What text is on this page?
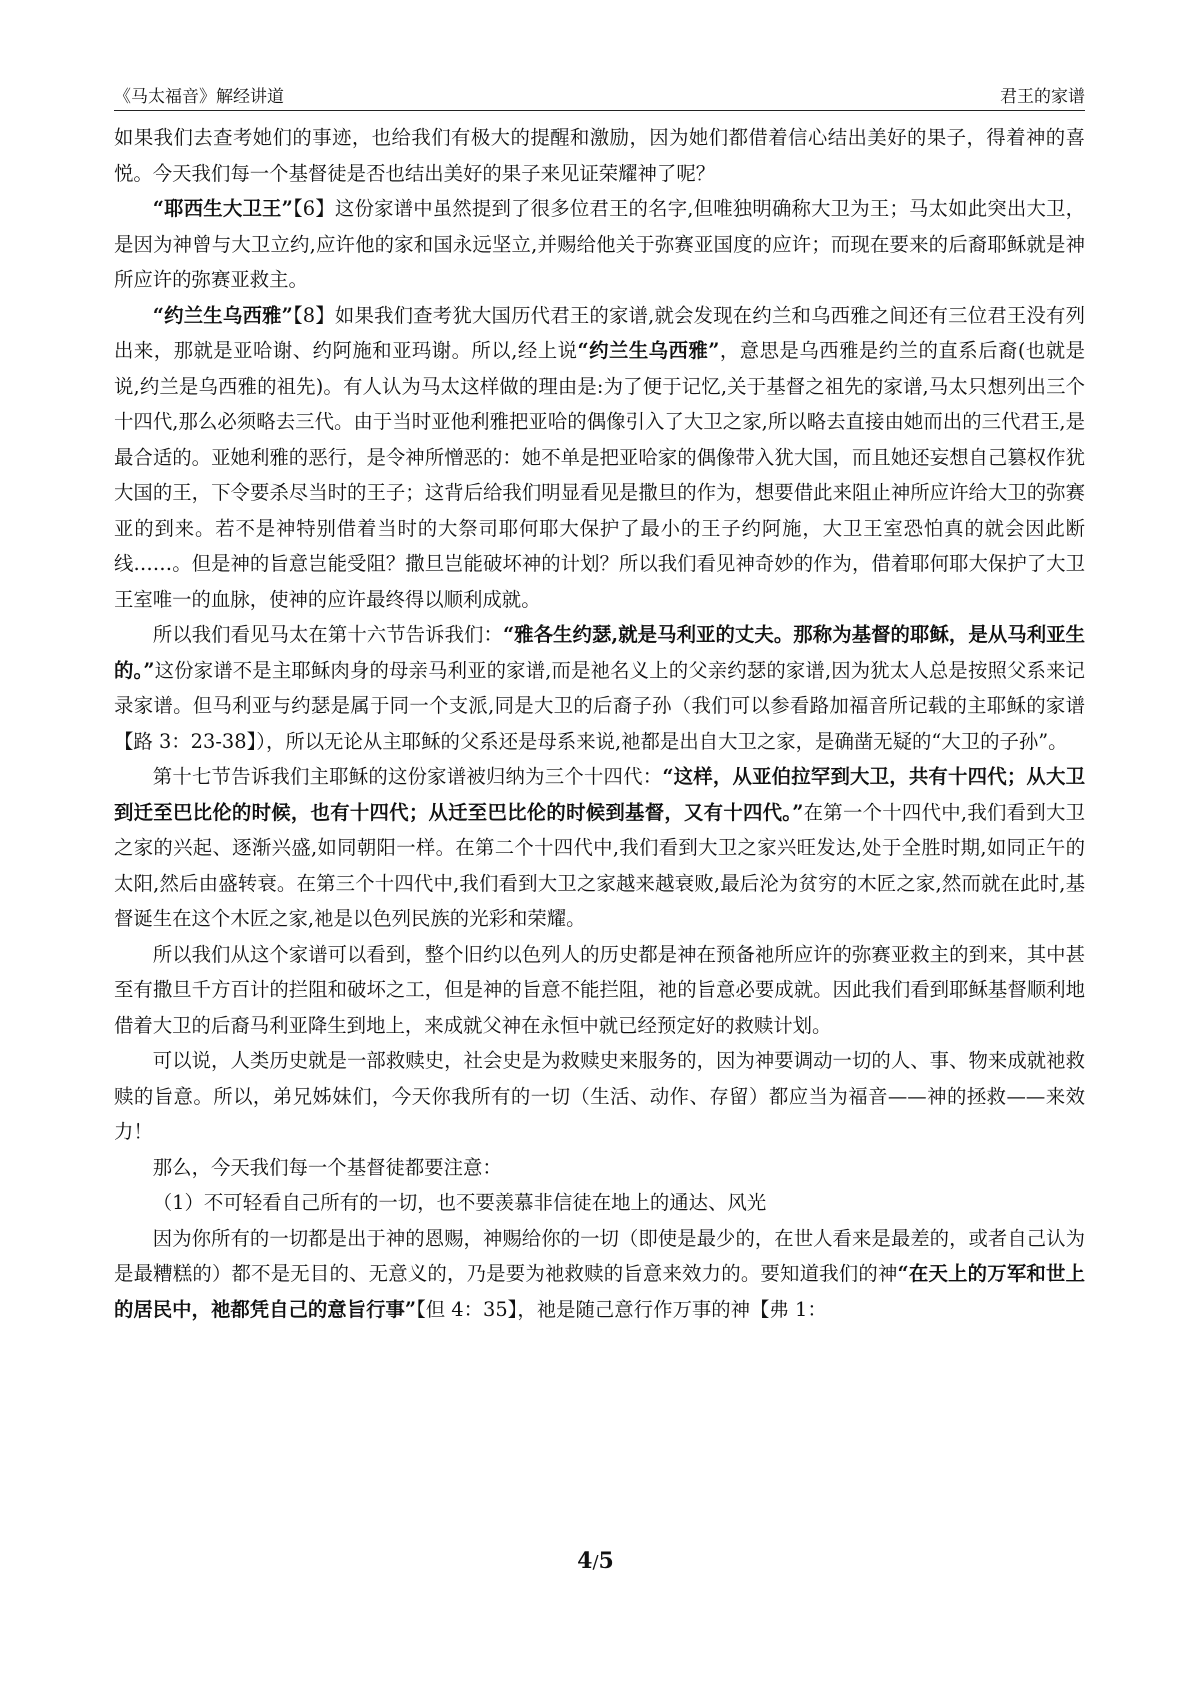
《马太福音》解经讲道	君王的家谱

如果我们去查考她们的事迹，也给我们有极大的提醒和激励，因为她们都借着信心结出美好的果子，得着神的喜悦。今天我们每一个基督徒是否也结出美好的果子来见证荣耀神了呢？

“耶西生大卫王”【6】这份家谱中虽然提到了很多位君王的名字,但唯独明确称大卫为王；马太如此突出大卫，是因为神曾与大卫立约,应许他的家和国永远坚立,并赐给他关于弥赛亚国度的应许；而现在要来的后裔耶稣就是神所应许的弥赛亚救主。

“约兰生乌西雅”【8】如果我们查考犹大国历代君王的家谱,就会发现在约兰和乌西雅之间还有三位君王没有列出来，那就是亚哈谢、约阿施和亚玛谢。所以,经上说“约兰生乌西雅”，意思是乌西雅是约兰的直系后裔(也就是说,约兰是乌西雅的祖先)。有人认为马太这样做的理由是:为了便于记忆,关于基督之祖先的家谱,马太只想列出三个十四代,那么必须略去三代。由于当时亚他利雅把亚哈的偶像引入了大卫之家,所以略去直接由她而出的三代君王,是最合适的。亚她利雅的恶行，是令神所憎恶的：她不单是把亚哈家的偶像带入犹大国，而且她还妄想自己篡权作犹大国的王，下令要杀尽当时的王子；这背后给我们明显看见是撒旦的作为，想要借此来阻止神所应许给大卫的弥赛亚的到来。若不是神特别借着当时的大祭司耶何耶大保护了最小的王子约阿施，大卫王室恐怕真的就会因此断线……。但是神的旨意岂能受阻？撒旦岂能破坏神的计划？所以我们看见神奇妙的作为，借着耶何耶大保护了大卫王室唯一的血脉，使神的应许最终得以顺利成就。

所以我们看见马太在第十六节告诉我们：“雅各生约瑟,就是马利亚的丈夫。那称为基督的耶稣，是从马利亚生的。”这份家谱不是主耶稣肉身的母亲马利亚的家谱,而是祂名义上的父亲约瑟的家谱,因为犹太人总是按照父系来记录家谱。但马利亚与约瑟是属于同一个支派,同是大卫的后裔子孙（我们可以参看路加福音所记载的主耶稣的家谱【路 3：23-38】），所以无论从主耶稣的父系还是母系来说,祂都是出自大卫之家，是确凿无疑的“大卫的子孙”。

第十七节告诉我们主耶稣的这份家谱被归纳为三个十四代：“这样，从亚伯拉罕到大卫，共有十四代；从大卫到迁至巴比伦的时候，也有十四代；从迁至巴比伦的时候到基督，又有十四代。”在第一个十四代中,我们看到大卫之家的兴起、逐渐兴盛,如同朝阳一样。在第二个十四代中,我们看到大卫之家兴旺发达,处于全胜时期,如同正午的太阳,然后由盛转衰。在第三个十四代中,我们看到大卫之家越来越衰败,最后沦为贫穷的木匠之家,然而就在此时,基督诞生在这个木匠之家,祂是以色列民族的光彩和荣耀。

所以我们从这个家谱可以看到，整个旧约以色列人的历史都是神在预备祂所应许的弥赛亚救主的到来，其中甚至有撒旦千方百计的拦阻和破坏之工，但是神的旨意不能拦阻，祂的旨意必要成就。因此我们看到耶稣基督顺利地借着大卫的后裔马利亚降生到地上，来成就父神在永恒中就已经预定好的救赎计划。

可以说，人类历史就是一部救赎史，社会史是为救赎史来服务的，因为神要调动一切的人、事、物来成就祂救赎的旨意。所以，弟兄姊妹们，今天你我所有的一切（生活、动作、存留）都应当为福音——神的拯救——来效力！

那么，今天我们每一个基督徒都要注意：

（1）不可轻看自己所有的一切，也不要羡慕非信徒在地上的通达、风光

因为你所有的一切都是出于神的恩赐，神赐给你的一切（即使是最少的，在世人看来是最差的，或者自己认为是最糟糕的）都不是无目的、无意义的，乃是要为祂救赎的旨意来效力的。要知道我们的神“在天上的万军和世上的居民中，祂都凭自己的意旨行事”【但 4：35】，祂是随己意行作万事的神【弗 1：

4/5
